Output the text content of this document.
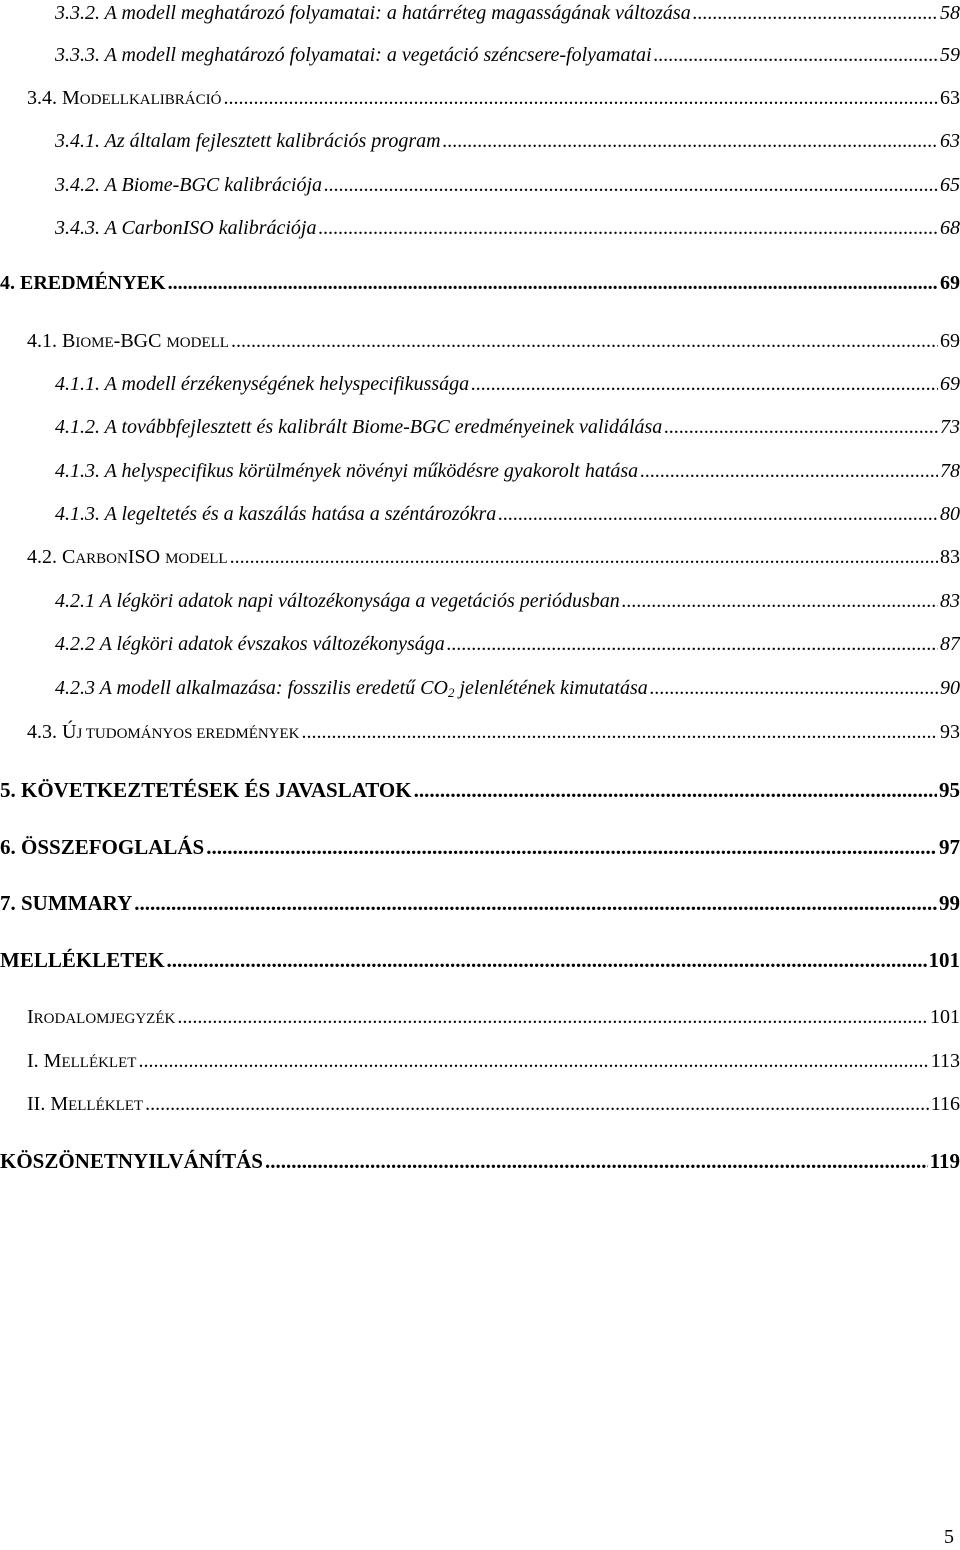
3.3.2. A modell meghatározó folyamatai: a határréteg magasságának változása .....	58
3.3.3. A modell meghatározó folyamatai: a vegetáció széncsere-folyamatai .....	59
3.4. MODELLKALIBRÁCIÓ .....	63
3.4.1. Az általam fejlesztett kalibrációs program .....	63
3.4.2. A Biome-BGC kalibrációja .....	65
3.4.3. A CarbonISO kalibrációja .....	68
4. EREDMÉNYEK .....	69
4.1. BIOME-BGC MODELL .....	69
4.1.1. A modell érzékenységének helyspecifikussága .....	69
4.1.2. A továbbfejlesztett és kalibrált Biome-BGC eredményeinek validálása .....	73
4.1.3. A helyspecifikus körülmények növényi működésre gyakorolt hatása .....	78
4.1.3. A legeltetés és a kaszálás hatása a széntározókra .....	80
4.2. CARBONISO MODELL .....	83
4.2.1 A légköri adatok napi változékonysága a vegetációs periódusban .....	83
4.2.2 A légköri adatok évszakos változékonysága .....	87
4.2.3 A modell alkalmazása: fosszilis eredetű $CO_2$ jelenlétének kimutatása .....	90
4.3. ÚJ TUDOMÁNYOS EREDMÉNYEK .....	93
5. KÖVETKEZTETÉSEK ÉS JAVASLATOK .....	95
6. ÖSSZEFOGLALÁS .....	97
7. SUMMARY .....	99
MELLÉKLETEK .....	101
IRODALOMJEGYZÉK .....	101
I. MELLÉKLET .....	113
II. MELLÉKLET .....	116
KÖSZÖNETNYILVÁNÍTÁS .....	119
5
